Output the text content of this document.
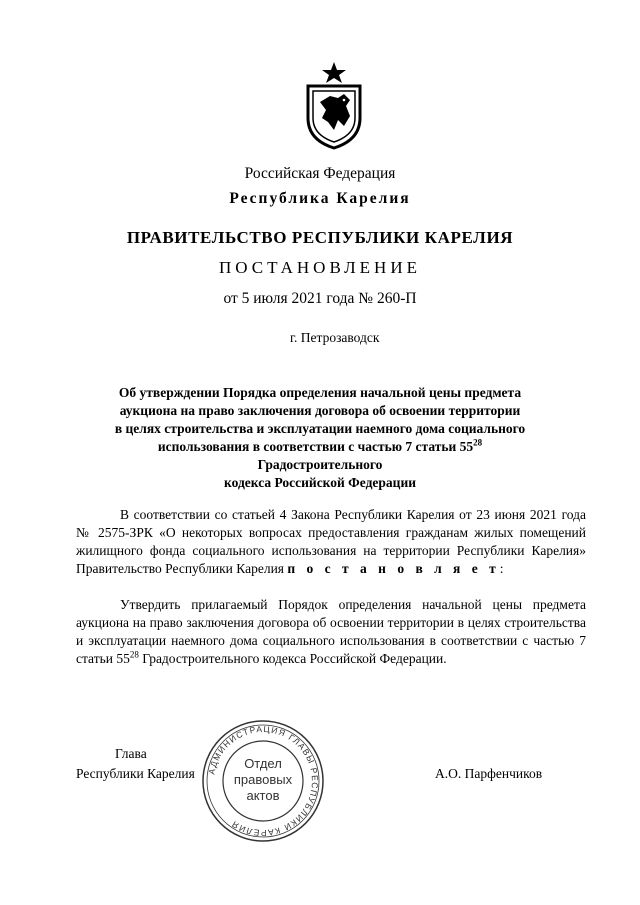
Российская Федерация
Республика Карелия
ПРАВИТЕЛЬСТВО РЕСПУБЛИКИ КАРЕЛИЯ
ПОСТАНОВЛЕНИЕ
от 5 июля 2021 года № 260-П
г. Петрозаводск
Об утверждении Порядка определения начальной цены предмета
аукциона на право заключения договора об освоении территории
в целях строительства и эксплуатации наемного дома социального
использования в соответствии с частью 7 статьи $55^{28}$ Градостроительного
кодекса Российской Федерации
В соответствии со статьей 4 Закона Республики Карелия от 23 июня 2021 года № 2575-ЗРК «О некоторых вопросах предоставления гражданам жилых помещений жилищного фонда социального использования на территории Республики Карелия» Правительство Республики Карелия п о с т а н о в л я е т:
Утвердить прилагаемый Порядок определения начальной цены предмета аукциона на право заключения договора об освоении территории в целях строительства и эксплуатации наемного дома социального использования в соответствии с частью 7 статьи $55^{28}$ Градостроительного кодекса Российской Федерации.
Глава
Республики Карелия	А.О. Парфенчиков
АДМИНИСТРАЦИЯ ГЛАВЫ РЕСПУБЛИКИ КАРЕЛИЯ
Отдел
правовых
актов
